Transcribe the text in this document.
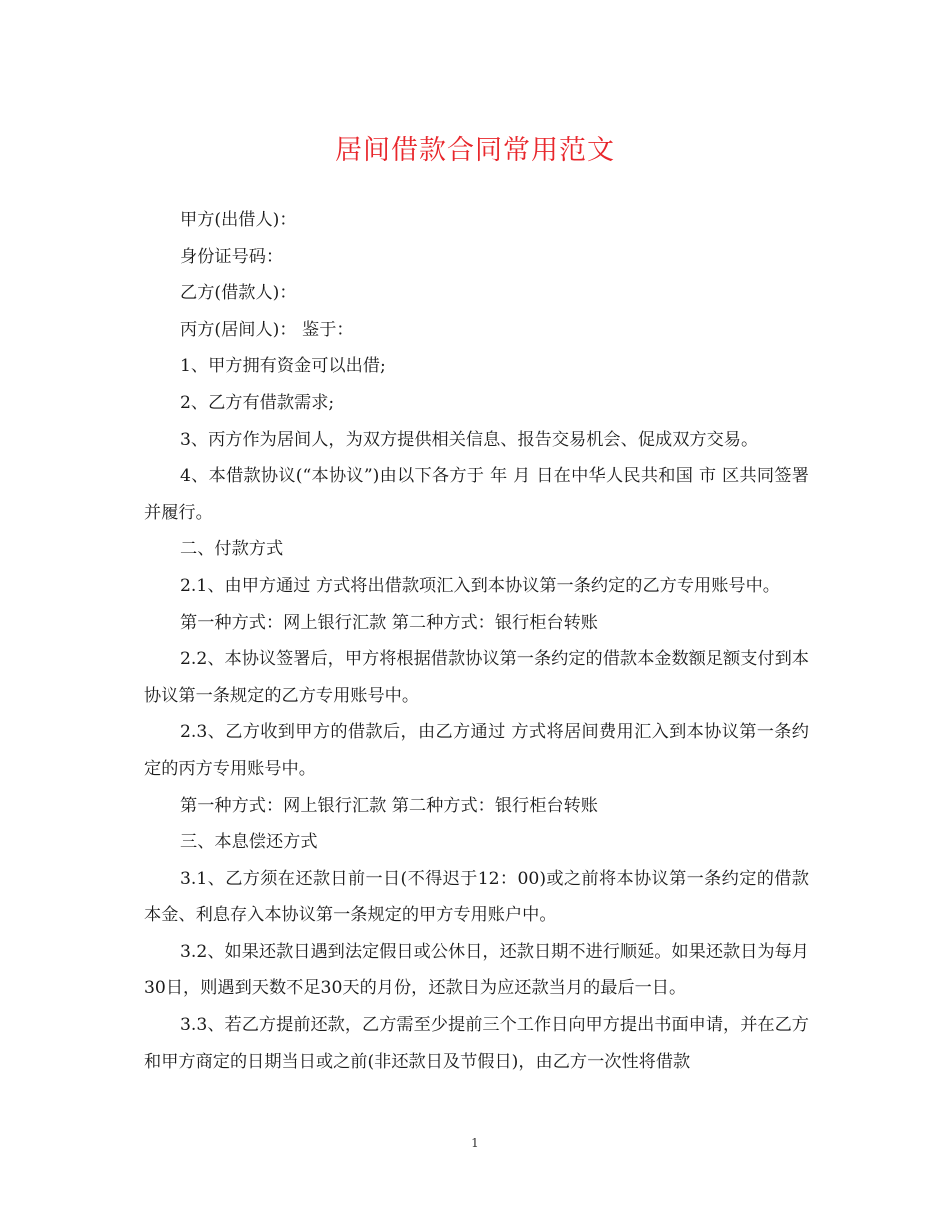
居间借款合同常用范文

甲方(出借人)：

身份证号码：

乙方(借款人)：

丙方(居间人)： 鉴于：

1、甲方拥有资金可以出借;

2、乙方有借款需求;

3、丙方作为居间人，为双方提供相关信息、报告交易机会、促成双方交易。

4、本借款协议(“本协议”)由以下各方于 年 月 日在中华人民共和国 市 区共同签署并履行。

二、付款方式

2.1、由甲方通过 方式将出借款项汇入到本协议第一条约定的乙方专用账号中。

第一种方式：网上银行汇款 第二种方式：银行柜台转账

2.2、本协议签署后，甲方将根据借款协议第一条约定的借款本金数额足额支付到本协议第一条规定的乙方专用账号中。

2.3、乙方收到甲方的借款后，由乙方通过 方式将居间费用汇入到本协议第一条约定的丙方专用账号中。

第一种方式：网上银行汇款 第二种方式：银行柜台转账

三、本息偿还方式

3.1、乙方须在还款日前一日(不得迟于12：00)或之前将本协议第一条约定的借款本金、利息存入本协议第一条规定的甲方专用账户中。

3.2、如果还款日遇到法定假日或公休日，还款日期不进行顺延。如果还款日为每月30日，则遇到天数不足30天的月份，还款日为应还款当月的最后一日。

3.3、若乙方提前还款，乙方需至少提前三个工作日向甲方提出书面申请，并在乙方和甲方商定的日期当日或之前(非还款日及节假日)，由乙方一次性将借款

1
